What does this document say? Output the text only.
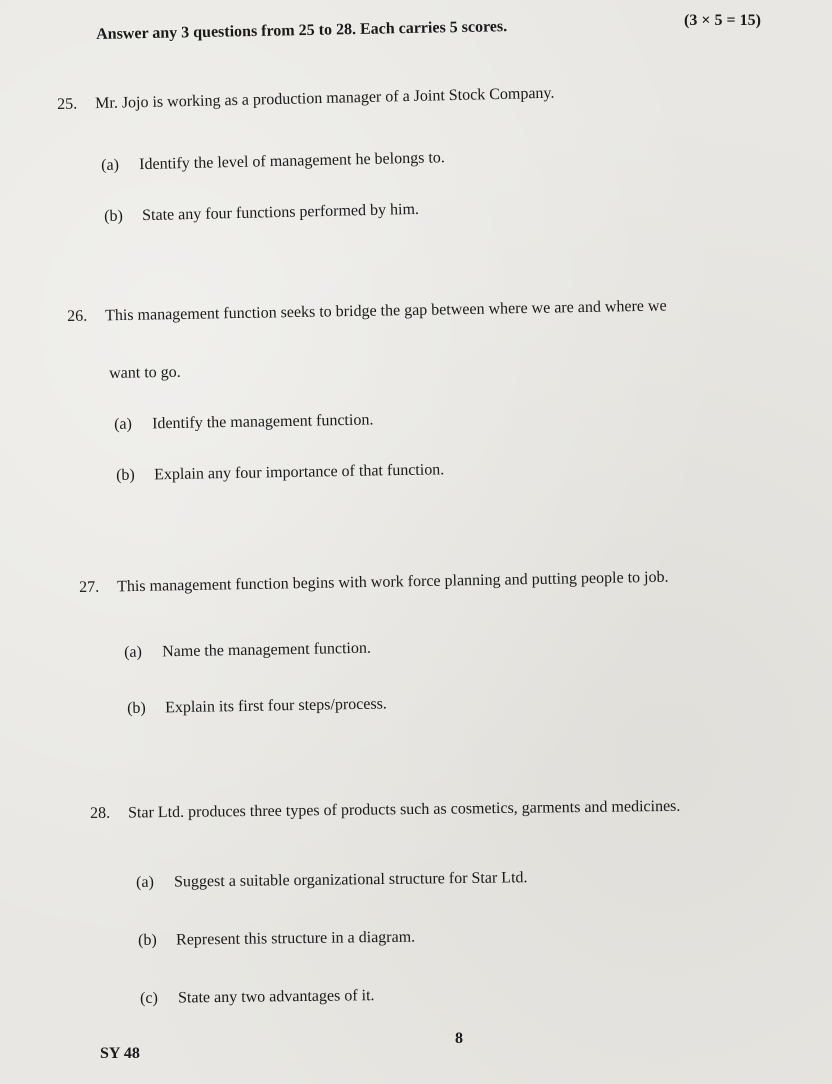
Answer any 3 questions from 25 to 28. Each carries 5 scores.	(3 × 5 = 15)
25. Mr. Jojo is working as a production manager of a Joint Stock Company.
(a) Identify the level of management he belongs to.
(b) State any four functions performed by him.
26. This management function seeks to bridge the gap between where we are and where we
want to go.
(a) Identify the management function.
(b) Explain any four importance of that function.
27. This management function begins with work force planning and putting people to job.
(a) Name the management function.
(b) Explain its first four steps/process.
28. Star Ltd. produces three types of products such as cosmetics, garments and medicines.
(a) Suggest a suitable organizational structure for Star Ltd.
(b) Represent this structure in a diagram.
(c) State any two advantages of it.
8
SY 48
